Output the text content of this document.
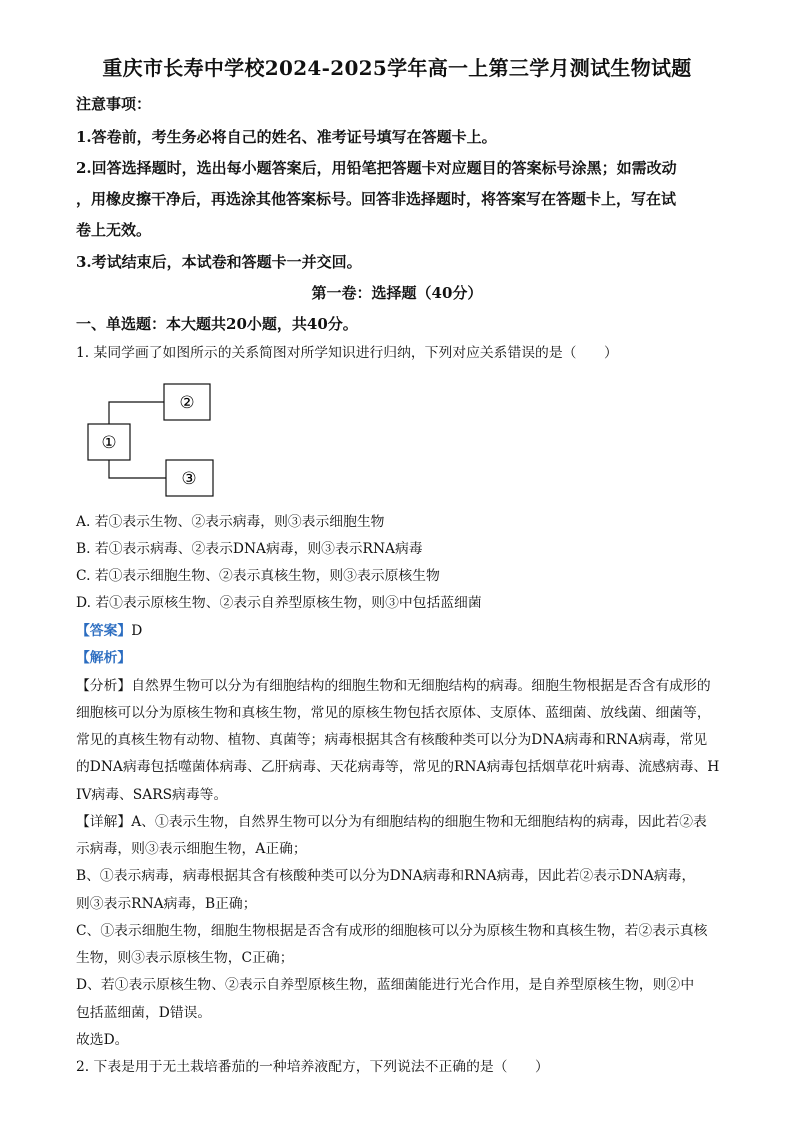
重庆市长寿中学校2024-2025学年高一上第三学月测试生物试题
注意事项：
1.答卷前，考生务必将自己的姓名、准考证号填写在答题卡上。
2.回答选择题时，选出每小题答案后，用铅笔把答题卡对应题目的答案标号涂黑；如需改动
，用橡皮擦干净后，再选涂其他答案标号。回答非选择题时，将答案写在答题卡上，写在试
卷上无效。
3.考试结束后，本试卷和答题卡一并交回。
第一卷：选择题（40分）
一、单选题：本大题共20小题，共40分。
1. 某同学画了如图所示的关系简图对所学知识进行归纳，下列对应关系错误的是（　　）
①
②
③
A. 若①表示生物、②表示病毒，则③表示细胞生物
B. 若①表示病毒、②表示DNA病毒，则③表示RNA病毒
C. 若①表示细胞生物、②表示真核生物，则③表示原核生物
D. 若①表示原核生物、②表示自养型原核生物，则③中包括蓝细菌
【答案】D
【解析】
【分析】自然界生物可以分为有细胞结构的细胞生物和无细胞结构的病毒。细胞生物根据是否含有成形的
细胞核可以分为原核生物和真核生物，常见的原核生物包括衣原体、支原体、蓝细菌、放线菌、细菌等，
常见的真核生物有动物、植物、真菌等；病毒根据其含有核酸种类可以分为DNA病毒和RNA病毒，常见
的DNA病毒包括噬菌体病毒、乙肝病毒、天花病毒等，常见的RNA病毒包括烟草花叶病毒、流感病毒、H
IV病毒、SARS病毒等。
【详解】A、①表示生物，自然界生物可以分为有细胞结构的细胞生物和无细胞结构的病毒，因此若②表
示病毒，则③表示细胞生物，A正确；
B、①表示病毒，病毒根据其含有核酸种类可以分为DNA病毒和RNA病毒，因此若②表示DNA病毒，
则③表示RNA病毒，B正确；
C、①表示细胞生物，细胞生物根据是否含有成形的细胞核可以分为原核生物和真核生物，若②表示真核
生物，则③表示原核生物，C正确；
D、若①表示原核生物、②表示自养型原核生物，蓝细菌能进行光合作用，是自养型原核生物，则②中
包括蓝细菌，D错误。
故选D。
2. 下表是用于无土栽培番茄的一种培养液配方，下列说法不正确的是（　　）
